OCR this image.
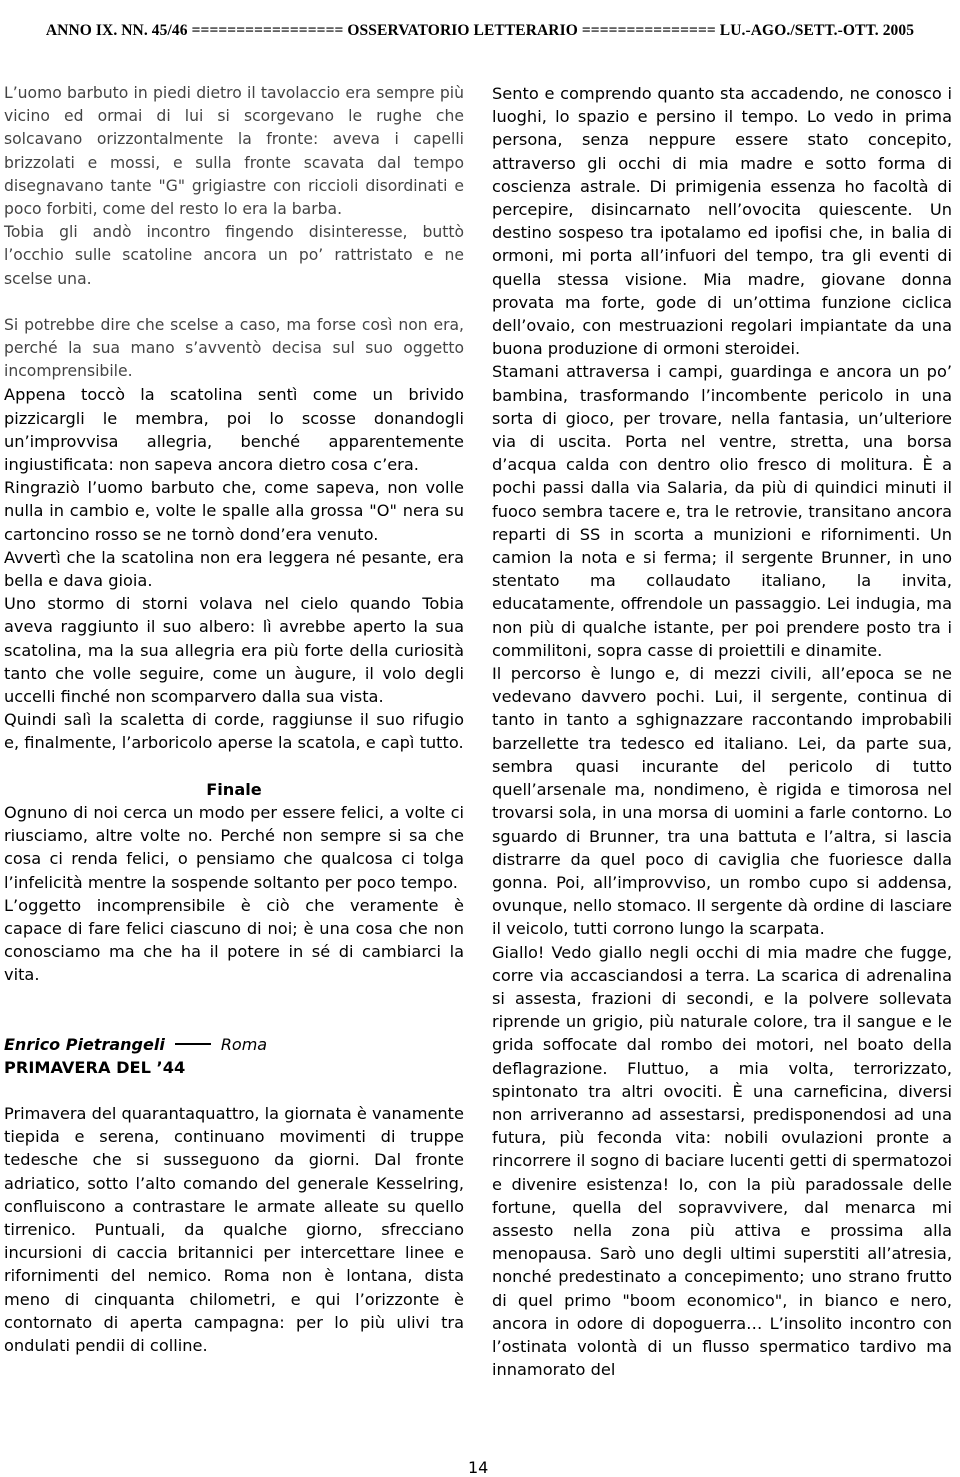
ANNO IX. NN. 45/46 ================= OSSERVATORIO LETTERARIO =============== LU.-AGO./SETT.-OTT. 2005

L’uomo barbuto in piedi dietro il tavolaccio era sempre più vicino ed ormai di lui si scorgevano le rughe che solcavano orizzontalmente la fronte: aveva i capelli brizzolati e mossi, e sulla fronte scavata dal tempo disegnavano tante "G" grigiastre con riccioli disordinati e poco forbiti, come del resto lo era la barba.

Tobia gli andò incontro fingendo disinteresse, buttò l’occhio sulle scatoline ancora un po’ rattristato e ne scelse una.

Si potrebbe dire che scelse a caso, ma forse così non era, perché la sua mano s’avventò decisa sul suo oggetto incomprensibile.

Appena toccò la scatolina sentì come un brivido pizzicargli le membra, poi lo scosse donandogli un’improvvisa allegria, benché apparentemente ingiustificata: non sapeva ancora dietro cosa c’era.

Ringraziò l’uomo barbuto che, come sapeva, non volle nulla in cambio e, volte le spalle alla grossa "O" nera su cartoncino rosso se ne tornò dond’era venuto.

Avvertì che la scatolina non era leggera né pesante, era bella e dava gioia.

Uno stormo di storni volava nel cielo quando Tobia aveva raggiunto il suo albero: lì avrebbe aperto la sua scatolina, ma la sua allegria era più forte della curiosità tanto che volle seguire, come un àugure, il volo degli uccelli finché non scomparvero dalla sua vista.

Quindi salì la scaletta di corde, raggiunse il suo rifugio e, finalmente, l’arboricolo aperse la scatola, e capì tutto.

Finale

Ognuno di noi cerca un modo per essere felici, a volte ci riusciamo, altre volte no. Perché non sempre si sa che cosa ci renda felici, o pensiamo che qualcosa ci tolga l’infelicità mentre la sospende soltanto per poco tempo.

L’oggetto incomprensibile è ciò che veramente è capace di fare felici ciascuno di noi; è una cosa che non conosciamo ma che ha il potere in sé di cambiarci la vita.

Enrico Pietrangeli	Roma

PRIMAVERA DEL ’44

Primavera del quarantaquattro, la giornata è vanamente tiepida e serena, continuano movimenti di truppe tedesche che si susseguono da giorni. Dal fronte adriatico, sotto l’alto comando del generale Kesselring, confluiscono a contrastare le armate alleate su quello tirrenico. Puntuali, da qualche giorno, sfrecciano incursioni di caccia britannici per intercettare linee e rifornimenti del nemico. Roma non è lontana, dista meno di cinquanta chilometri, e qui l’orizzonte è contornato di aperta campagna: per lo più ulivi tra ondulati pendii di colline.

Sento e comprendo quanto sta accadendo, ne conosco i luoghi, lo spazio e persino il tempo. Lo vedo in prima persona, senza neppure essere stato concepito, attraverso gli occhi di mia madre e sotto forma di coscienza astrale. Di primigenia essenza ho facoltà di percepire, disincarnato nell’ovocita quiescente. Un destino sospeso tra ipotalamo ed ipofisi che, in balia di ormoni, mi porta all’infuori del tempo, tra gli eventi di quella stessa visione. Mia madre, giovane donna provata ma forte, gode di un’ottima funzione ciclica dell’ovaio, con mestruazioni regolari impiantate da una buona produzione di ormoni steroidei.

Stamani attraversa i campi, guardinga e ancora un po’ bambina, trasformando l’incombente pericolo in una sorta di gioco, per trovare, nella fantasia, un’ulteriore via di uscita. Porta nel ventre, stretta, una borsa d’acqua calda con dentro olio fresco di molitura. È a pochi passi dalla via Salaria, da più di quindici minuti il fuoco sembra tacere e, tra le retrovie, transitano ancora reparti di SS in scorta a munizioni e rifornimenti. Un camion la nota e si ferma; il sergente Brunner, in uno stentato ma collaudato italiano, la invita, educatamente, offrendole un passaggio. Lei indugia, ma non più di qualche istante, per poi prendere posto tra i commilitoni, sopra casse di proiettili e dinamite.

Il percorso è lungo e, di mezzi civili, all’epoca se ne vedevano davvero pochi. Lui, il sergente, continua di tanto in tanto a sghignazzare raccontando improbabili barzellette tra tedesco ed italiano. Lei, da parte sua, sembra quasi incurante del pericolo di tutto quell’arsenale ma, nondimeno, è rigida e timorosa nel trovarsi sola, in una morsa di uomini a farle contorno. Lo sguardo di Brunner, tra una battuta e l’altra, si lascia distrarre da quel poco di caviglia che fuoriesce dalla gonna. Poi, all’improvviso, un rombo cupo si addensa, ovunque, nello stomaco. Il sergente dà ordine di lasciare il veicolo, tutti corrono lungo la scarpata.

Giallo! Vedo giallo negli occhi di mia madre che fugge, corre via accasciandosi a terra. La scarica di adrenalina si assesta, frazioni di secondi, e la polvere sollevata riprende un grigio, più naturale colore, tra il sangue e le grida soffocate dal rombo dei motori, nel boato della deflagrazione. Fluttuo, a mia volta, terrorizzato, spintonato tra altri ovociti. È una carneficina, diversi non arriveranno ad assestarsi, predisponendosi ad una futura, più feconda vita: nobili ovulazioni pronte a rincorrere il sogno di baciare lucenti getti di spermatozoi e divenire esistenza! Io, con la più paradossale delle fortune, quella del sopravvivere, dal menarca mi assesto nella zona più attiva e prossima alla menopausa. Sarò uno degli ultimi superstiti all’atresia, nonché predestinato a concepimento; uno strano frutto di quel primo "boom economico", in bianco e nero, ancora in odore di dopoguerra… L’insolito incontro con l’ostinata volontà di un flusso spermatico tardivo ma innamorato del

14
